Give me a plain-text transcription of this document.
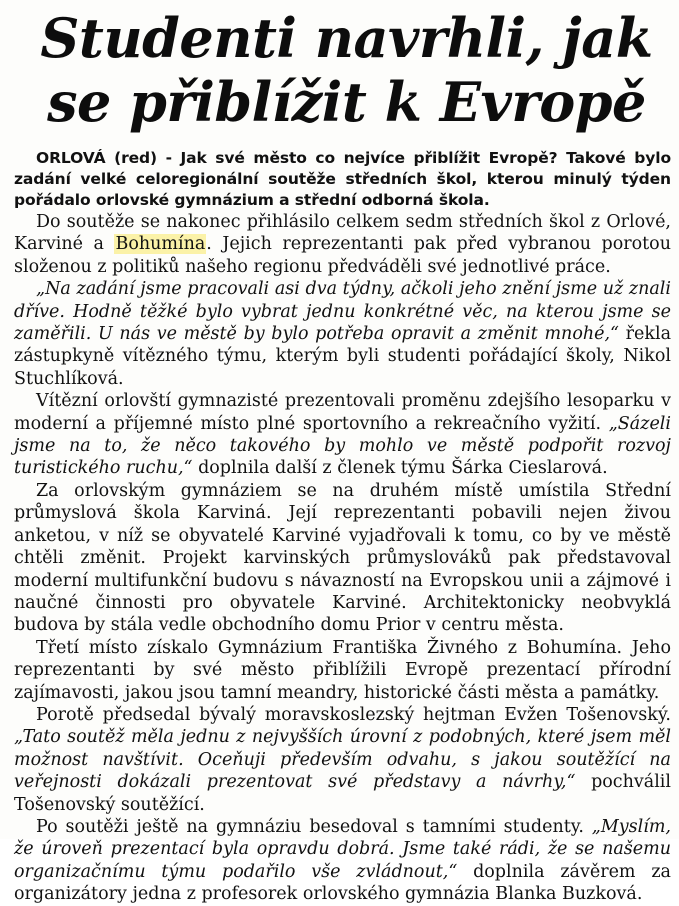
Studenti navrhli, jak
se přiblížit k Evropě

ORLOVÁ (red) - Jak své město co nejvíce přiblížit Evropě? Takové bylo zadání velké celoregionální soutěže středních škol, kterou minulý týden pořádalo orlovské gymnázium a střední odborná škola.

Do soutěže se nakonec přihlásilo celkem sedm středních škol z Orlové, Karviné a Bohumína. Jejich reprezentanti pak před vybranou porotou složenou z politiků našeho regionu předváděli své jednotlivé práce.

„Na zadání jsme pracovali asi dva týdny, ačkoli jeho znění jsme už znali dříve. Hodně těžké bylo vybrat jednu konkrétné věc, na kterou jsme se zaměřili. U nás ve městě by bylo potřeba opravit a změnit mnohé,“ řekla zástupkyně vítězného týmu, kterým byli studenti pořádající školy, Nikol Stuchlíková.

Vítězní orlovští gymnazisté prezentovali proměnu zdejšího lesoparku v moderní a příjemné místo plné sportovního a rekreačního vyžití. „Sázeli jsme na to, že něco takového by mohlo ve městě podpořit rozvoj turistického ruchu,“ doplnila další z členek týmu Šárka Cieslarová.

Za orlovským gymnáziem se na druhém místě umístila Střední průmyslová škola Karviná. Její reprezentanti pobavili nejen živou anketou, v níž se obyvatelé Karviné vyjadřovali k tomu, co by ve městě chtěli změnit. Projekt karvinských průmyslováků pak představoval moderní multifunkční budovu s návazností na Evropskou unii a zájmové i naučné činnosti pro obyvatele Karviné. Architektonicky neobvyklá budova by stála vedle obchodního domu Prior v centru města.

Třetí místo získalo Gymnázium Františka Živného z Bohumína. Jeho reprezentanti by své město přiblížili Evropě prezentací přírodní zajímavosti, jakou jsou tamní meandry, historické části města a památky.

Porotě předsedal bývalý moravskoslezský hejtman Evžen Tošenovský. „Tato soutěž měla jednu z nejvyšších úrovní z podobných, které jsem měl možnost navštívit. Oceňuji především odvahu, s jakou soutěžící na veřejnosti dokázali prezentovat své představy a návrhy,“ pochválil Tošenovský soutěžící.

Po soutěži ještě na gymnáziu besedoval s tamními studenty. „Myslím, že úroveň prezentací byla opravdu dobrá. Jsme také rádi, že se našemu organizačnímu týmu podařilo vše zvládnout,“ doplnila závěrem za organizátory jedna z profesorek orlovského gymnázia Blanka Buzková.
